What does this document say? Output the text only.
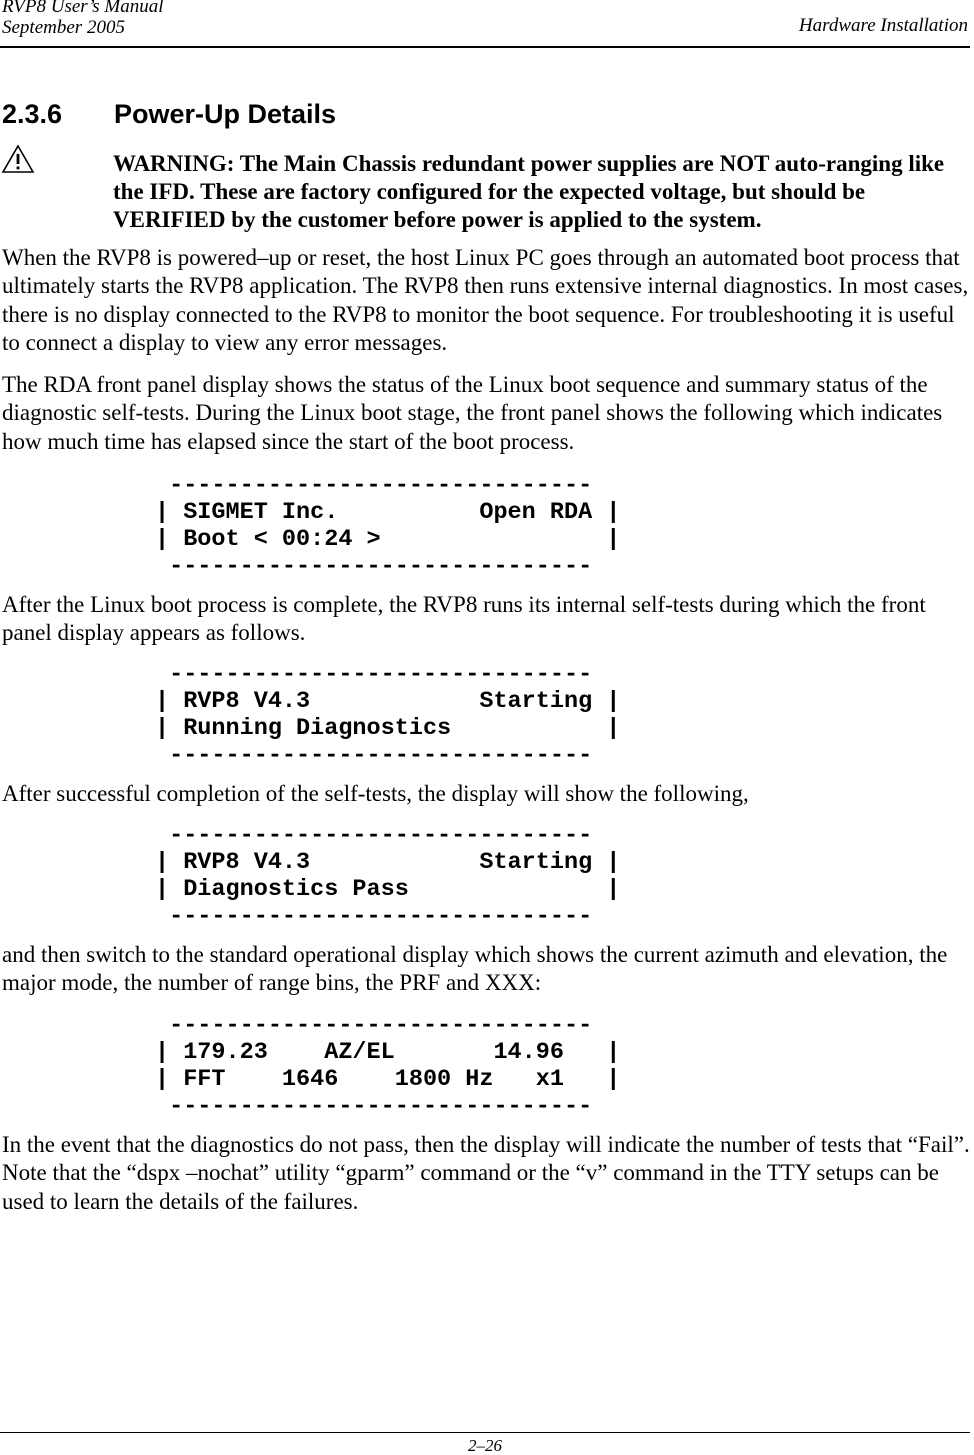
RVP8 User’s Manual
September 2005	Hardware Installation
2.3.6 Power-Up Details
WARNING: The Main Chassis redundant power supplies are NOT auto-ranging like the IFD. These are factory configured for the expected voltage, but should be VERIFIED by the customer before power is applied to the system.
When the RVP8 is powered–up or reset, the host Linux PC goes through an automated boot process that ultimately starts the RVP8 application. The RVP8 then runs extensive internal diagnostics. In most cases, there is no display connected to the RVP8 to monitor the boot sequence. For troubleshooting it is useful to connect a display to view any error messages.
The RDA front panel display shows the status of the Linux boot sequence and summary status of the diagnostic self-tests. During the Linux boot stage, the front panel shows the following which indicates how much time has elapsed since the start of the boot process.
------------------------------
| SIGMET Inc.          Open RDA |
| Boot < 00:24 >                |
------------------------------
After the Linux boot process is complete, the RVP8 runs its internal self-tests during which the front panel display appears as follows.
------------------------------
| RVP8 V4.3            Starting |
| Running Diagnostics           |
------------------------------
After successful completion of the self-tests, the display will show the following,
------------------------------
| RVP8 V4.3            Starting |
| Diagnostics Pass              |
------------------------------
and then switch to the standard operational display which shows the current azimuth and elevation, the major mode, the number of range bins, the PRF and XXX:
------------------------------
| 179.23    AZ/EL       14.96   |
| FFT    1646    1800 Hz   x1   |
------------------------------
In the event that the diagnostics do not pass, then the display will indicate the number of tests that “Fail”. Note that the “dspx –nochat” utility “gparm” command or the “v” command in the TTY setups can be used to learn the details of the failures.
2–26
